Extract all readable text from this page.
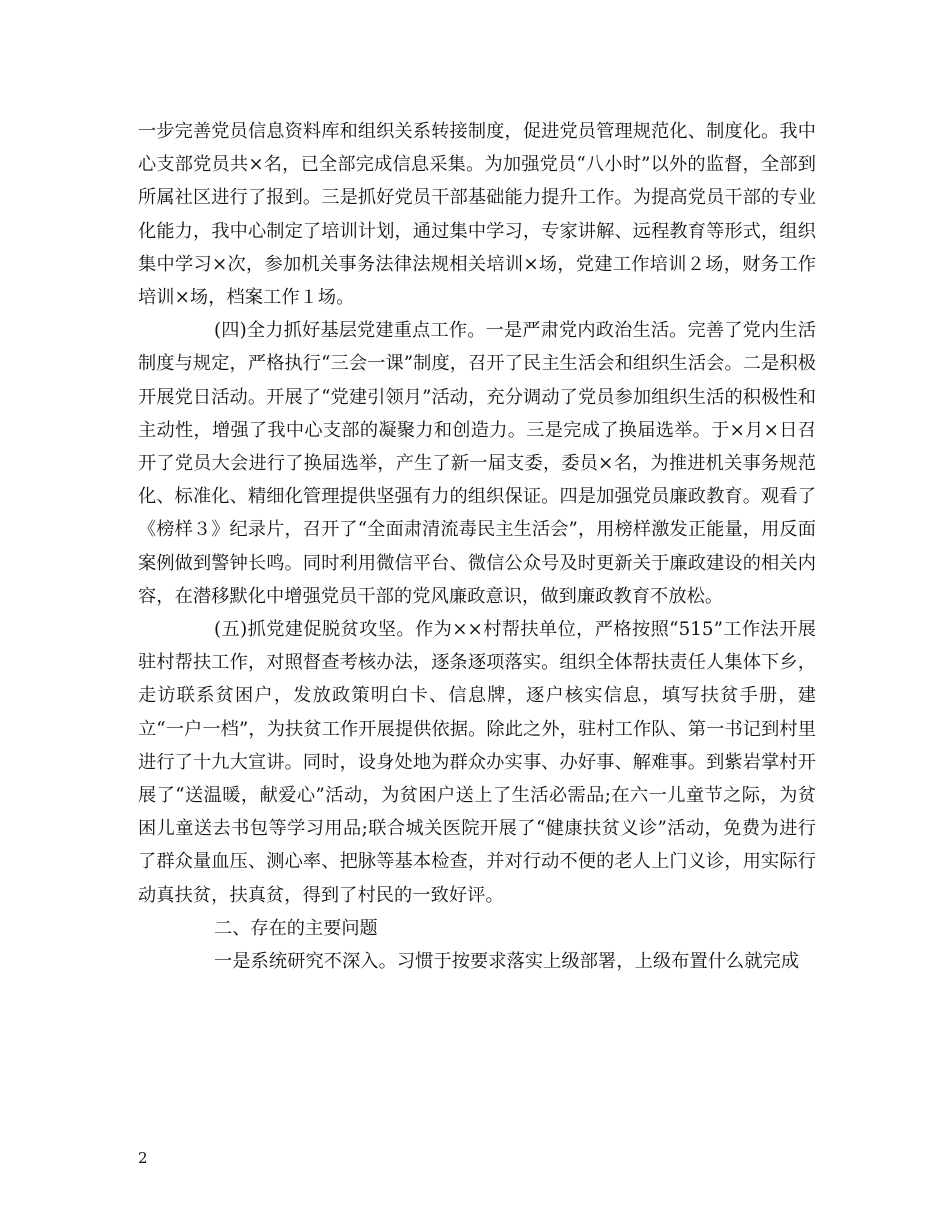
一步完善党员信息资料库和组织关系转接制度，促进党员管理规范化、制度化。我中心支部党员共×名，已全部完成信息采集。为加强党员“八小时”以外的监督，全部到所属社区进行了报到。三是抓好党员干部基础能力提升工作。为提高党员干部的专业化能力，我中心制定了培训计划，通过集中学习，专家讲解、远程教育等形式，组织集中学习×次，参加机关事务法律法规相关培训×场，党建工作培训２场，财务工作培训×场，档案工作１场。

(四)全力抓好基层党建重点工作。一是严肃党内政治生活。完善了党内生活制度与规定，严格执行“三会一课”制度，召开了民主生活会和组织生活会。二是积极开展党日活动。开展了“党建引领月”活动，充分调动了党员参加组织生活的积极性和主动性，增强了我中心支部的凝聚力和创造力。三是完成了换届选举。于×月×日召开了党员大会进行了换届选举，产生了新一届支委，委员×名，为推进机关事务规范化、标准化、精细化管理提供坚强有力的组织保证。四是加强党员廉政教育。观看了《榜样３》纪录片，召开了“全面肃清流毒民主生活会”，用榜样激发正能量，用反面案例做到警钟长鸣。同时利用微信平台、微信公众号及时更新关于廉政建设的相关内容，在潜移默化中增强党员干部的党风廉政意识，做到廉政教育不放松。

(五)抓党建促脱贫攻坚。作为××村帮扶单位，严格按照“515”工作法开展驻村帮扶工作，对照督查考核办法，逐条逐项落实。组织全体帮扶责任人集体下乡，走访联系贫困户，发放政策明白卡、信息牌，逐户核实信息，填写扶贫手册，建立“一户一档”，为扶贫工作开展提供依据。除此之外，驻村工作队、第一书记到村里进行了十九大宣讲。同时，设身处地为群众办实事、办好事、解难事。到紫岩掌村开展了“送温暖，献爱心”活动，为贫困户送上了生活必需品;在六一儿童节之际，为贫困儿童送去书包等学习用品;联合城关医院开展了“健康扶贫义诊”活动，免费为进行了群众量血压、测心率、把脉等基本检查，并对行动不便的老人上门义诊，用实际行动真扶贫，扶真贫，得到了村民的一致好评。

二、存在的主要问题

一是系统研究不深入。习惯于按要求落实上级部署，上级布置什么就完成

2
